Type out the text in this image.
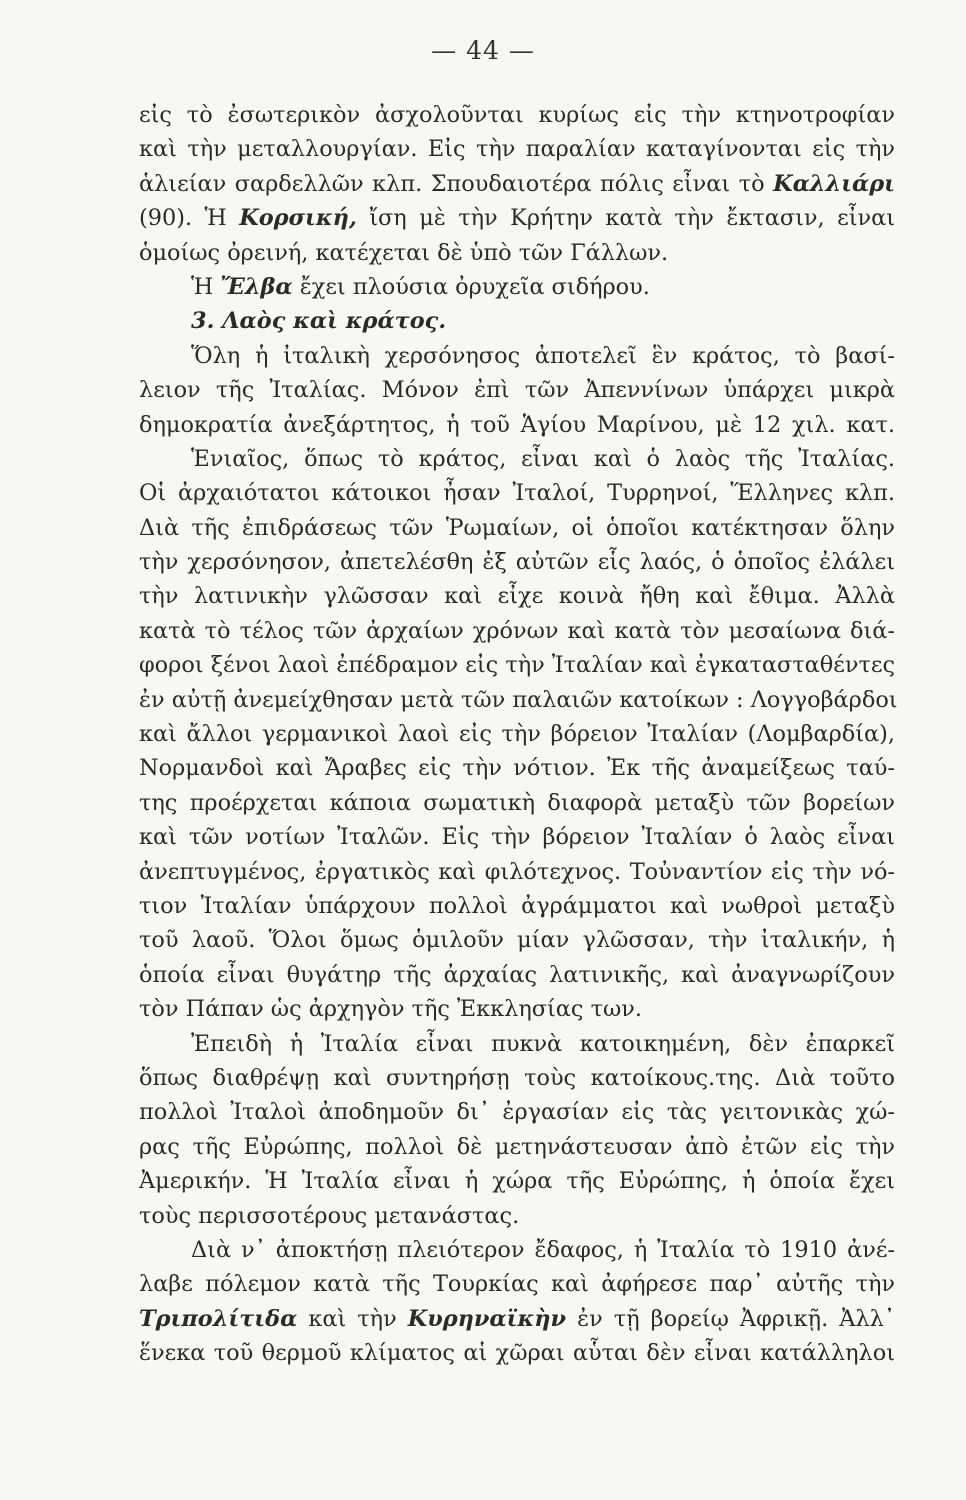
— 44 —
εἰς τὸ ἐσωτερικὸν ἀσχολοῦνται κυρίως εἰς τὴν κτηνοτροφίαν
καὶ τὴν μεταλλουργίαν. Εἰς τὴν παραλίαν καταγίνονται εἰς τὴν
ἁλιείαν σαρδελλῶν κλπ. Σπουδαιοτέρα πόλις εἶναι τὸ Καλλιάρι
(90). Ἡ Κορσική, ἴση μὲ τὴν Κρήτην κατὰ τὴν ἔκτασιν, εἶναι
ὁμοίως ὀρεινή, κατέχεται δὲ ὑπὸ τῶν Γάλλων.
Ἡ Ἔλβα ἔχει πλούσια ὀρυχεῖα σιδήρου.
3. Λαὸς καὶ κράτος.
Ὅλη ἡ ἰταλικὴ χερσόνησος ἀποτελεῖ ἓν κράτος, τὸ βασί-
λειον τῆς Ἰταλίας. Μόνον ἐπὶ τῶν Ἀπεννίνων ὑπάρχει μικρὰ
δημοκρατία ἀνεξάρτητος, ἡ τοῦ Ἁγίου Μαρίνου, μὲ 12 χιλ. κατ.
Ἑνιαῖος, ὅπως τὸ κράτος, εἶναι καὶ ὁ λαὸς τῆς Ἰταλίας.
Οἱ ἀρχαιότατοι κάτοικοι ἦσαν Ἰταλοί, Τυρρηνοί, Ἕλληνες κλπ.
Διὰ τῆς ἐπιδράσεως τῶν Ῥωμαίων, οἱ ὁποῖοι κατέκτησαν ὅλην
τὴν χερσόνησον, ἀπετελέσθη ἐξ αὐτῶν εἷς λαός, ὁ ὁποῖος ἐλάλει
τὴν λατινικὴν γλῶσσαν καὶ εἶχε κοινὰ ἤθη καὶ ἔθιμα. Ἀλλὰ
κατὰ τὸ τέλος τῶν ἀρχαίων χρόνων καὶ κατὰ τὸν μεσαίωνα διά-
φοροι ξένοι λαοὶ ἐπέδραμον εἰς τὴν Ἰταλίαν καὶ ἐγκατασταθέντες
ἐν αὐτῇ ἀνεμείχθησαν μετὰ τῶν παλαιῶν κατοίκων : Λογγοβάρδοι
καὶ ἄλλοι γερμανικοὶ λαοὶ εἰς τὴν βόρειον Ἰταλίαν (Λομβαρδία),
Νορμανδοὶ καὶ Ἄραβες εἰς τὴν νότιον. Ἐκ τῆς ἀναμείξεως ταύ-
της προέρχεται κάποια σωματικὴ διαφορὰ μεταξὺ τῶν βορείων
καὶ τῶν νοτίων Ἰταλῶν. Εἰς τὴν βόρειον Ἰταλίαν ὁ λαὸς εἶναι
ἀνεπτυγμένος, ἐργατικὸς καὶ φιλότεχνος. Τοὐναντίον εἰς τὴν νό-
τιον Ἰταλίαν ὑπάρχουν πολλοὶ ἀγράμματοι καὶ νωθροὶ μεταξὺ
τοῦ λαοῦ. Ὅλοι ὅμως ὁμιλοῦν μίαν γλῶσσαν, τὴν ἰταλικήν, ἡ
ὁποία εἶναι θυγάτηρ τῆς ἀρχαίας λατινικῆς, καὶ ἀναγνωρίζουν
τὸν Πάπαν ὡς ἀρχηγὸν τῆς Ἐκκλησίας των.
Ἐπειδὴ ἡ Ἰταλία εἶναι πυκνὰ κατοικημένη, δὲν ἐπαρκεῖ
ὅπως διαθρέψῃ καὶ συντηρήσῃ τοὺς κατοίκους.της. Διὰ τοῦτο
πολλοὶ Ἰταλοὶ ἀποδημοῦν δι᾽ ἐργασίαν εἰς τὰς γειτονικὰς χώ-
ρας τῆς Εὐρώπης, πολλοὶ δὲ μετηνάστευσαν ἀπὸ ἐτῶν εἰς τὴν
Ἀμερικήν. Ἡ Ἰταλία εἶναι ἡ χώρα τῆς Εὐρώπης, ἡ ὁποία ἔχει
τοὺς περισσοτέρους μετανάστας.
Διὰ ν᾽ ἀποκτήσῃ πλειότερον ἔδαφος, ἡ Ἰταλία τὸ 1910 ἀνέ-
λαβε πόλεμον κατὰ τῆς Τουρκίας καὶ ἀφήρεσε παρ᾽ αὐτῆς τὴν
Τριπολίτιδα καὶ τὴν Κυρηναϊκὴν ἐν τῇ βορείῳ Ἀφρικῇ. Ἀλλ᾽
ἕνεκα τοῦ θερμοῦ κλίματος αἱ χῶραι αὗται δὲν εἶναι κατάλληλοι
